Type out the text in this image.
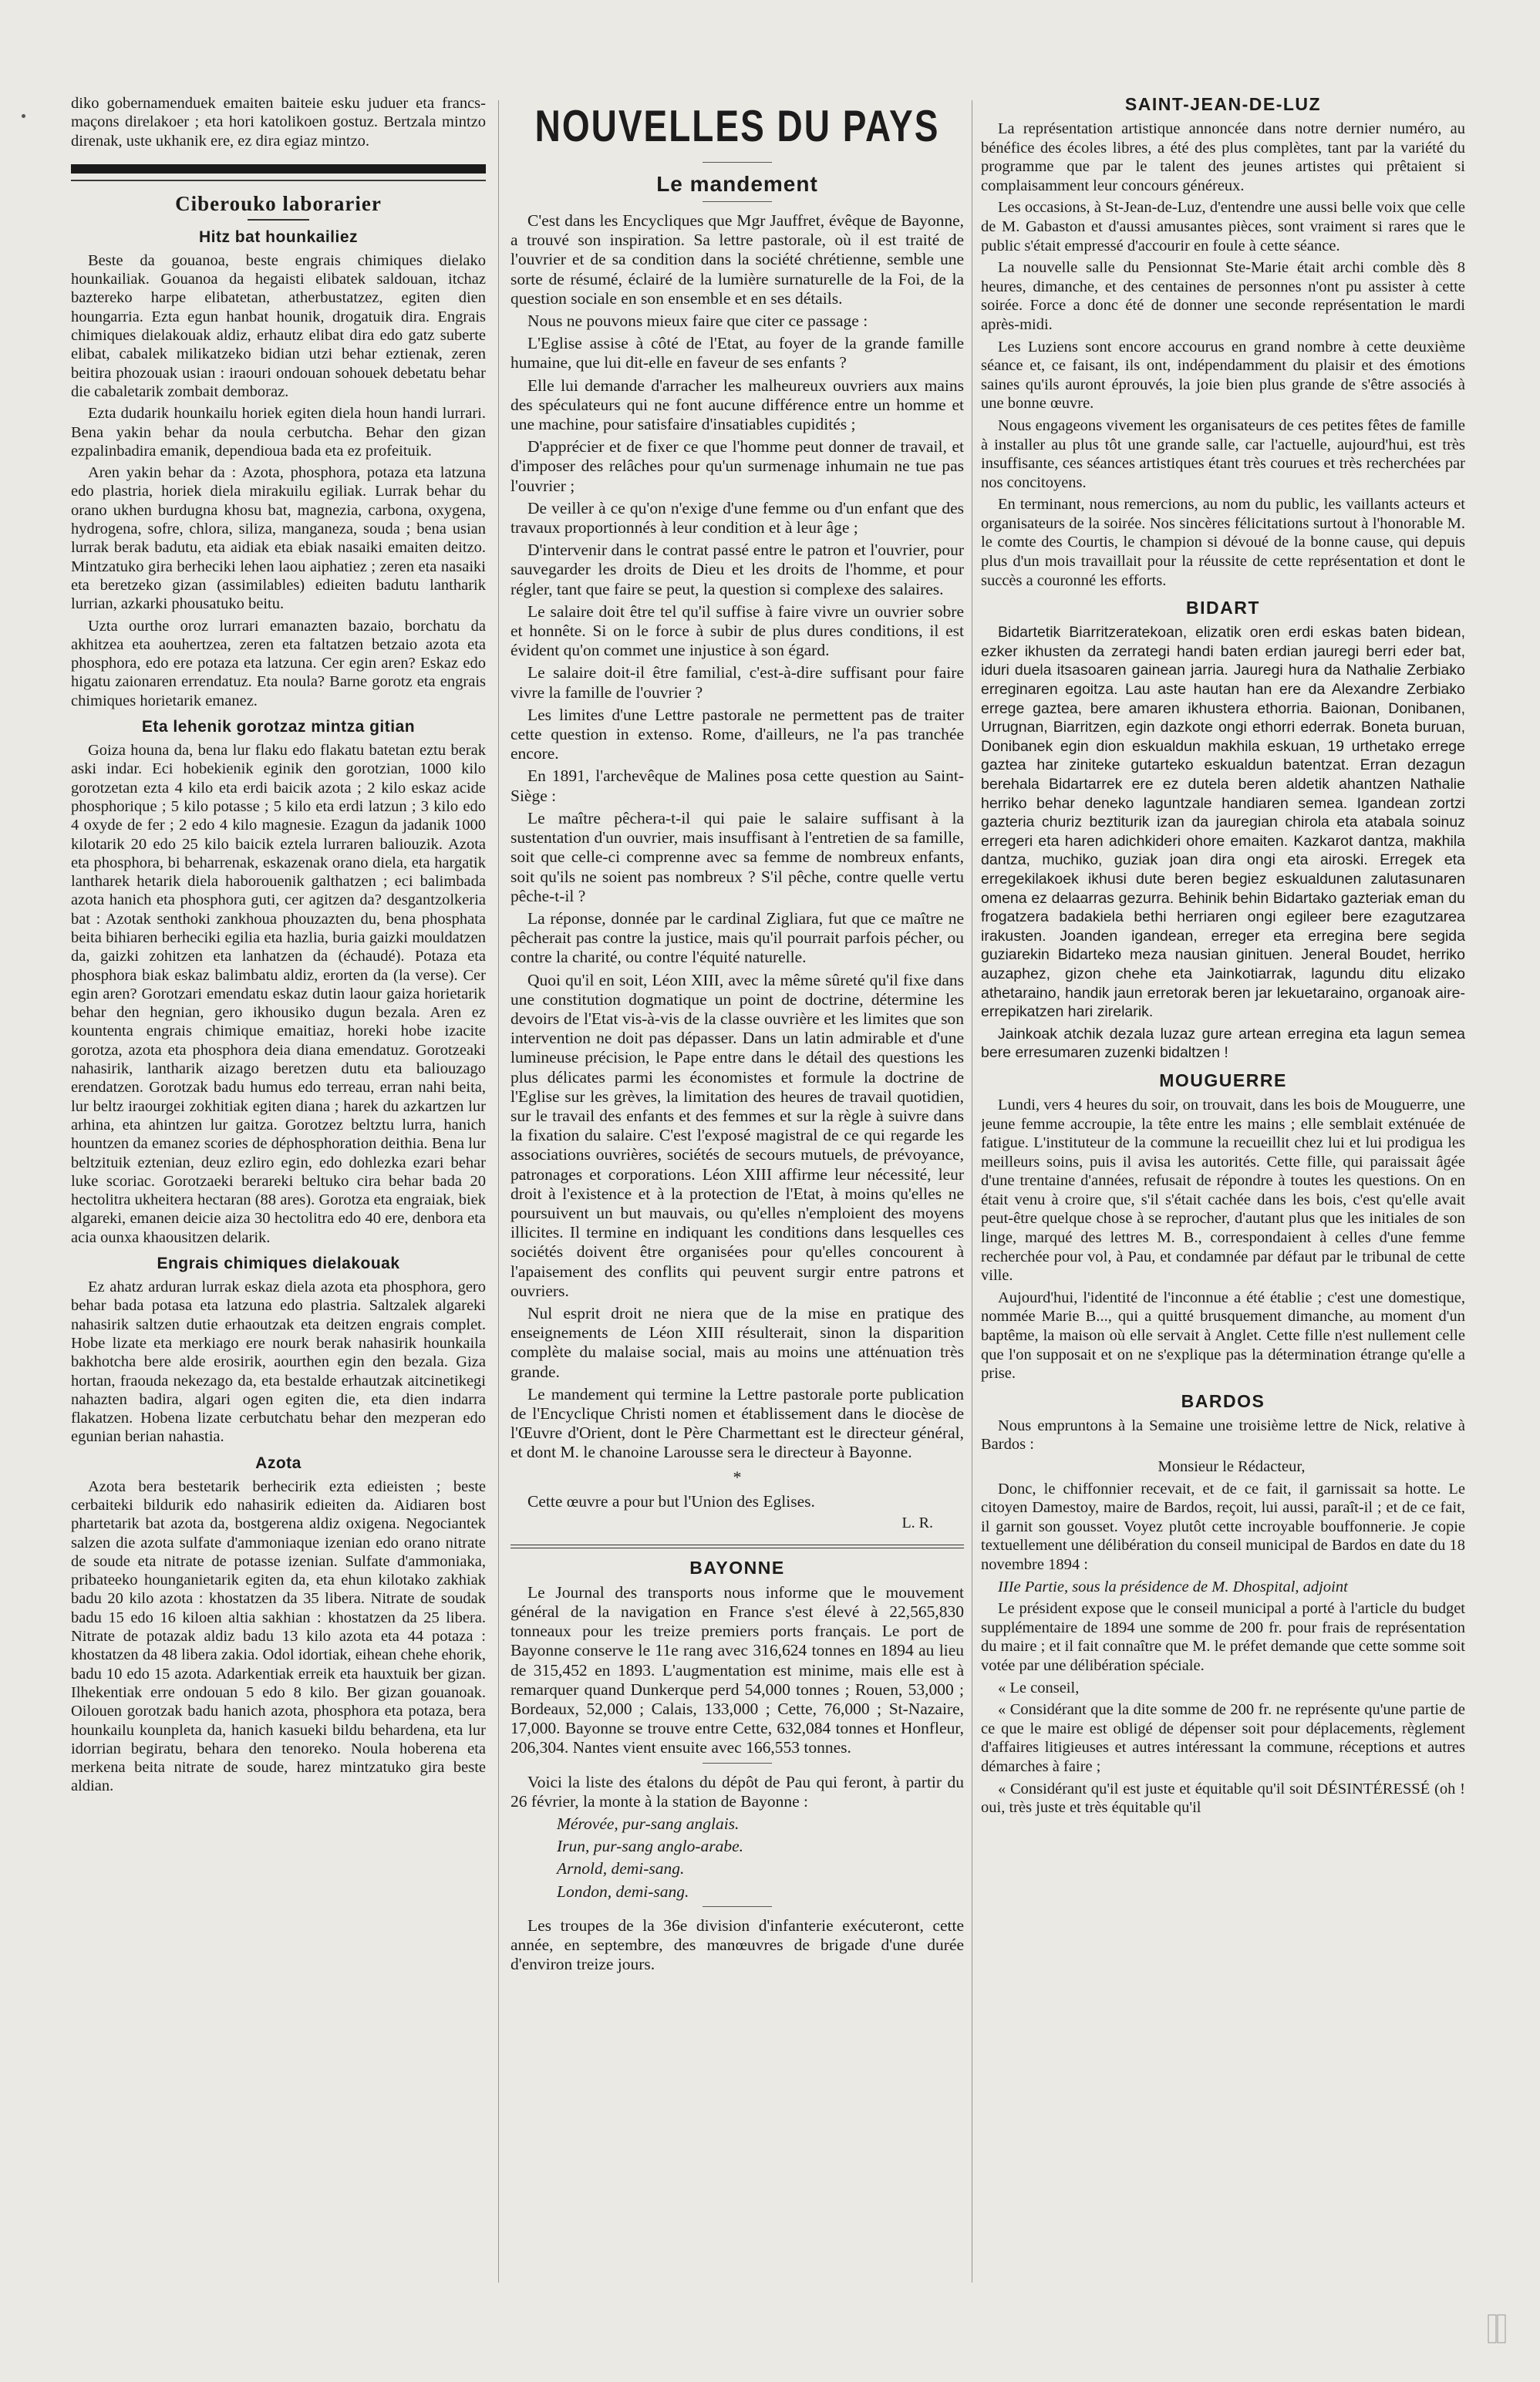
diko gobernamenduek emaiten baiteie esku juduer eta francs-maçons direlakoer ; eta hori katolikoen gostuz. Bertzala mintzo direnak, uste ukhanik ere, ez dira egiaz mintzo.

Ciberouko laborarier
Hitz bat hounkailiez

Beste da gouanoa, beste engrais chimiques dielako hounkailiak. Gouanoa da hegaisti elibatek saldouan, itchaz baztereko harpe elibatetan, atherbustatzez, egiten dien houngarria. Ezta egun hanbat hounik, drogatuik dira. Engrais chimiques dielakouak aldiz, erhautz elibat dira edo gatz suberte elibat, cabalek milikatzeko bidian utzi behar eztienak, zeren beitira phozouak usian : iraouri ondouan sohouek debetatu behar die cabaletarik zombait demboraz.

Ezta dudarik hounkailu horiek egiten diela houn handi lurrari. Bena yakin behar da noula cerbutcha. Behar den gizan ezpalinbadira emanik, dependioua bada eta ez profeituik.

Aren yakin behar da : Azota, phosphora, potaza eta latzuna edo plastria, horiek diela mirakuilu egiliak. Lurrak behar du orano ukhen burdugna khosu bat, magnezia, carbona, oxygena, hydrogena, sofre, chlora, siliza, manganeza, souda ; bena usian lurrak berak badutu, eta aidiak eta ebiak nasaiki emaiten deitzo. Mintzatuko gira berheciki lehen laou aiphatiez ; zeren eta nasaiki eta beretzeko gizan (assimilables) edieiten badutu lantharik lurrian, azkarki phousatuko beitu.

Uzta ourthe oroz lurrari emanazten bazaio, borchatu da akhitzea eta aouhertzea, zeren eta faltatzen betzaio azota eta phosphora, edo ere potaza eta latzuna. Cer egin aren? Eskaz edo higatu zaionaren errendatuz. Eta noula? Barne gorotz eta engrais chimiques horietarik emanez.

Eta lehenik gorotzaz mintza gitian

Goiza houna da, bena lur flaku edo flakatu batetan eztu berak aski indar. Eci hobekienik eginik den gorotzian, 1000 kilo gorotzetan ezta 4 kilo eta erdi baicik azota ; 2 kilo eskaz acide phosphorique ; 5 kilo potasse ; 5 kilo eta erdi latzun ; 3 kilo edo 4 oxyde de fer ; 2 edo 4 kilo magnesie. Ezagun da jadanik 1000 kilotarik 20 edo 25 kilo baicik eztela lurraren baliouzik. Azota eta phosphora, bi beharrenak, eskazenak orano diela, eta hargatik lantharek hetarik diela haborouenik galthatzen ; eci balimbada azota hanich eta phosphora guti, cer agitzen da? desgantzolkeria bat : Azotak senthoki zankhoua phouzazten du, bena phosphata beita bihiaren berheciki egilia eta hazlia, buria gaizki mouldatzen da, gaizki zohitzen eta lanhatzen da (échaudé). Potaza eta phosphora biak eskaz balimbatu aldiz, erorten da (la verse). Cer egin aren? Gorotzari emendatu eskaz dutin laour gaiza horietarik behar den hegnian, gero ikhousiko dugun bezala. Aren ez kountenta engrais chimique emaitiaz, horeki hobe izacite gorotza, azota eta phosphora deia diana emendatuz. Gorotzeaki nahasirik, lantharik aizago beretzen dutu eta baliouzago erendatzen. Gorotzak badu humus edo terreau, erran nahi beita, lur beltz iraourgei zokhitiak egiten diana ; harek du azkartzen lur arhina, eta ahintzen lur gaitza. Gorotzez beltztu lurra, hanich hountzen da emanez scories de déphosphoration deithia. Bena lur beltzituik eztenian, deuz ezliro egin, edo dohlezka ezari behar luke scoriac. Gorotzaeki berareki beltuko cira behar bada 20 hectolitra ukheitera hectaran (88 ares). Gorotza eta engraiak, biek algareki, emanen deicie aiza 30 hectolitra edo 40 ere, denbora eta acia ounxa khaousitzen delarik.

Engrais chimiques dielakouak

Ez ahatz arduran lurrak eskaz diela azota eta phosphora, gero behar bada potasa eta latzuna edo plastria. Saltzalek algareki nahasirik saltzen dutie erhaoutzak eta deitzen engrais complet. Hobe lizate eta merkiago ere nourk berak nahasirik hounkaila bakhotcha bere alde erosirik, aourthen egin den bezala. Giza hortan, fraouda nekezago da, eta bestalde erhautzak aitcinetikegi nahazten badira, algari ogen egiten die, eta dien indarra flakatzen. Hobena lizate cerbutchatu behar den mezperan edo egunian berian nahastia.

Azota

Azota bera bestetarik berhecirik ezta edieisten ; beste cerbaiteki bildurik edo nahasirik edieiten da. Aidiaren bost phartetarik bat azota da, bostgerena aldiz oxigena. Negociantek salzen die azota sulfate d'ammoniaque izenian edo orano nitrate de soude eta nitrate de potasse izenian. Sulfate d'ammoniaka, pribateeko hounganietarik egiten da, eta ehun kilotako zakhiak badu 20 kilo azota : khostatzen da 35 libera. Nitrate de soudak badu 15 edo 16 kiloen altia sakhian : khostatzen da 25 libera. Nitrate de potazak aldiz badu 13 kilo azota eta 44 potaza : khostatzen da 48 libera zakia. Odol idortiak, eihean chehe ehorik, badu 10 edo 15 azota. Adarkentiak erreik eta hauxtuik ber gizan. Ilhekentiak erre ondouan 5 edo 8 kilo. Ber gizan gouanoak. Oilouen gorotzak badu hanich azota, phosphora eta potaza, bera hounkailu kounpleta da, hanich kasueki bildu behardena, eta lur idorrian begiratu, behara den tenoreko. Noula hoberena eta merkena beita nitrate de soude, harez mintzatuko gira beste aldian.

NOUVELLES DU PAYS
Le mandement

C'est dans les Encycliques que Mgr Jauffret, évêque de Bayonne, a trouvé son inspiration. Sa lettre pastorale, où il est traité de l'ouvrier et de sa condition dans la société chrétienne, semble une sorte de résumé, éclairé de la lumière surnaturelle de la Foi, de la question sociale en son ensemble et en ses détails.

Nous ne pouvons mieux faire que citer ce passage :

L'Eglise assise à côté de l'Etat, au foyer de la grande famille humaine, que lui dit-elle en faveur de ses enfants ?

Elle lui demande d'arracher les malheureux ouvriers aux mains des spéculateurs qui ne font aucune différence entre un homme et une machine, pour satisfaire d'insatiables cupidités ;

D'apprécier et de fixer ce que l'homme peut donner de travail, et d'imposer des relâches pour qu'un surmenage inhumain ne tue pas l'ouvrier ;

De veiller à ce qu'on n'exige d'une femme ou d'un enfant que des travaux proportionnés à leur condition et à leur âge ;

D'intervenir dans le contrat passé entre le patron et l'ouvrier, pour sauvegarder les droits de Dieu et les droits de l'homme, et pour régler, tant que faire se peut, la question si complexe des salaires.

Le salaire doit être tel qu'il suffise à faire vivre un ouvrier sobre et honnête. Si on le force à subir de plus dures conditions, il est évident qu'on commet une injustice à son égard.

Le salaire doit-il être familial, c'est-à-dire suffisant pour faire vivre la famille de l'ouvrier ?

Les limites d'une Lettre pastorale ne permettent pas de traiter cette question in extenso. Rome, d'ailleurs, ne l'a pas tranchée encore.

En 1891, l'archevêque de Malines posa cette question au Saint-Siège :

Le maître pêchera-t-il qui paie le salaire suffisant à la sustentation d'un ouvrier, mais insuffisant à l'entretien de sa famille, soit que celle-ci comprenne avec sa femme de nombreux enfants, soit qu'ils ne soient pas nombreux ? S'il pêche, contre quelle vertu pêche-t-il ?

La réponse, donnée par le cardinal Zigliara, fut que ce maître ne pêcherait pas contre la justice, mais qu'il pourrait parfois pécher, ou contre la charité, ou contre l'équité naturelle.

Quoi qu'il en soit, Léon XIII, avec la même sûreté qu'il fixe dans une constitution dogmatique un point de doctrine, détermine les devoirs de l'Etat vis-à-vis de la classe ouvrière et les limites que son intervention ne doit pas dépasser. Dans un latin admirable et d'une lumineuse précision, le Pape entre dans le détail des questions les plus délicates parmi les économistes et formule la doctrine de l'Eglise sur les grèves, la limitation des heures de travail quotidien, sur le travail des enfants et des femmes et sur la règle à suivre dans la fixation du salaire. C'est l'exposé magistral de ce qui regarde les associations ouvrières, sociétés de secours mutuels, de prévoyance, patronages et corporations. Léon XIII affirme leur nécessité, leur droit à l'existence et à la protection de l'Etat, à moins qu'elles ne poursuivent un but mauvais, ou qu'elles n'emploient des moyens illicites. Il termine en indiquant les conditions dans lesquelles ces sociétés doivent être organisées pour qu'elles concourent à l'apaisement des conflits qui peuvent surgir entre patrons et ouvriers.

Nul esprit droit ne niera que de la mise en pratique des enseignements de Léon XIII résulterait, sinon la disparition complète du malaise social, mais au moins une atténuation très grande.

Le mandement qui termine la Lettre pastorale porte publication de l'Encyclique Christi nomen et établissement dans le diocèse de l'Œuvre d'Orient, dont le Père Charmettant est le directeur général, et dont M. le chanoine Larousse sera le directeur à Bayonne.

*

Cette œuvre a pour but l'Union des Eglises.

L. R.
BAYONNE

Le Journal des transports nous informe que le mouvement général de la navigation en France s'est élevé à 22,565,830 tonneaux pour les treize premiers ports français. Le port de Bayonne conserve le 11e rang avec 316,624 tonnes en 1894 au lieu de 315,452 en 1893. L'augmentation est minime, mais elle est à remarquer quand Dunkerque perd 54,000 tonnes ; Rouen, 53,000 ; Bordeaux, 52,000 ; Calais, 133,000 ; Cette, 76,000 ; St-Nazaire, 17,000. Bayonne se trouve entre Cette, 632,084 tonnes et Honfleur, 206,304. Nantes vient ensuite avec 166,553 tonnes.

Voici la liste des étalons du dépôt de Pau qui feront, à partir du 26 février, la monte à la station de Bayonne :

Mérovée, pur-sang anglais.

Irun, pur-sang anglo-arabe.

Arnold, demi-sang.

London, demi-sang.

Les troupes de la 36e division d'infanterie exécuteront, cette année, en septembre, des manœuvres de brigade d'une durée d'environ treize jours.

SAINT-JEAN-DE-LUZ

La représentation artistique annoncée dans notre dernier numéro, au bénéfice des écoles libres, a été des plus complètes, tant par la variété du programme que par le talent des jeunes artistes qui prêtaient si complaisamment leur concours généreux.

Les occasions, à St-Jean-de-Luz, d'entendre une aussi belle voix que celle de M. Gabaston et d'aussi amusantes pièces, sont vraiment si rares que le public s'était empressé d'accourir en foule à cette séance.

La nouvelle salle du Pensionnat Ste-Marie était archi comble dès 8 heures, dimanche, et des centaines de personnes n'ont pu assister à cette soirée. Force a donc été de donner une seconde représentation le mardi après-midi.

Les Luziens sont encore accourus en grand nombre à cette deuxième séance et, ce faisant, ils ont, indépendamment du plaisir et des émotions saines qu'ils auront éprouvés, la joie bien plus grande de s'être associés à une bonne œuvre.

Nous engageons vivement les organisateurs de ces petites fêtes de famille à installer au plus tôt une grande salle, car l'actuelle, aujourd'hui, est très insuffisante, ces séances artistiques étant très courues et très recherchées par nos concitoyens.

En terminant, nous remercions, au nom du public, les vaillants acteurs et organisateurs de la soirée. Nos sincères félicitations surtout à l'honorable M. le comte des Courtis, le champion si dévoué de la bonne cause, qui depuis plus d'un mois travaillait pour la réussite de cette représentation et dont le succès a couronné les efforts.

BIDART

Bidartetik Biarritzeratekoan, elizatik oren erdi eskas baten bidean, ezker ikhusten da zerrategi handi baten erdian jauregi berri eder bat, iduri duela itsasoaren gainean jarria. Jauregi hura da Nathalie Zerbiako erreginaren egoitza. Lau aste hautan han ere da Alexandre Zerbiako errege gaztea, bere amaren ikhustera ethorria. Baionan, Donibanen, Urrugnan, Biarritzen, egin dazkote ongi ethorri ederrak. Boneta buruan, Donibanek egin dion eskualdun makhila eskuan, 19 urthetako errege gaztea har ziniteke gutarteko eskualdun batentzat. Erran dezagun berehala Bidartarrek ere ez dutela beren aldetik ahantzen Nathalie herriko behar deneko laguntzale handiaren semea. Igandean zortzi gazteria churiz beztiturik izan da jauregian chirola eta atabala soinuz erregeri eta haren adichkideri ohore emaiten. Kazkarot dantza, makhila dantza, muchiko, guziak joan dira ongi eta airoski. Erregek eta erregekilakoek ikhusi dute beren begiez eskualdunen zalutasunaren omena ez delaarras gezurra. Behinik behin Bidartako gazteriak eman du frogatzera badakiela bethi herriaren ongi egileer bere ezagutzarea irakusten. Joanden igandean, erreger eta erregina bere segida guziarekin Bidarteko meza nausian ginituen. Jeneral Boudet, herriko auzaphez, gizon chehe eta Jainkotiarrak, lagundu ditu elizako athetaraino, handik jaun erretorak beren jar lekuetaraino, organoak aire-errepikatzen hari zirelarik.

Jainkoak atchik dezala luzaz gure artean erregina eta lagun semea bere erresumaren zuzenki bidaltzen !

MOUGUERRE

Lundi, vers 4 heures du soir, on trouvait, dans les bois de Mouguerre, une jeune femme accroupie, la tête entre les mains ; elle semblait exténuée de fatigue. L'instituteur de la commune la recueillit chez lui et lui prodigua les meilleurs soins, puis il avisa les autorités. Cette fille, qui paraissait âgée d'une trentaine d'années, refusait de répondre à toutes les questions. On en était venu à croire que, s'il s'était cachée dans les bois, c'est qu'elle avait peut-être quelque chose à se reprocher, d'autant plus que les initiales de son linge, marqué des lettres M. B., correspondaient à celles d'une femme recherchée pour vol, à Pau, et condamnée par défaut par le tribunal de cette ville.

Aujourd'hui, l'identité de l'inconnue a été établie ; c'est une domestique, nommée Marie B..., qui a quitté brusquement dimanche, au moment d'un baptême, la maison où elle servait à Anglet. Cette fille n'est nullement celle que l'on supposait et on ne s'explique pas la détermination étrange qu'elle a prise.

BARDOS

Nous empruntons à la Semaine une troisième lettre de Nick, relative à Bardos :

Monsieur le Rédacteur,

Donc, le chiffonnier recevait, et de ce fait, il garnissait sa hotte. Le citoyen Damestoy, maire de Bardos, reçoit, lui aussi, paraît-il ; et de ce fait, il garnit son gousset. Voyez plutôt cette incroyable bouffonnerie. Je copie textuellement une délibération du conseil municipal de Bardos en date du 18 novembre 1894 :

IIIe Partie, sous la présidence de M. Dhospital, adjoint

Le président expose que le conseil municipal a porté à l'article du budget supplémentaire de 1894 une somme de 200 fr. pour frais de représentation du maire ; et il fait connaître que M. le préfet demande que cette somme soit votée par une délibération spéciale.

« Le conseil,

« Considérant que la dite somme de 200 fr. ne représente qu'une partie de ce que le maire est obligé de dépenser soit pour déplacements, règlement d'affaires litigieuses et autres intéressant la commune, réceptions et autres démarches à faire ;

« Considérant qu'il est juste et équitable qu'il soit DÉSINTÉRESSÉ (oh ! oui, très juste et très équitable qu'il
